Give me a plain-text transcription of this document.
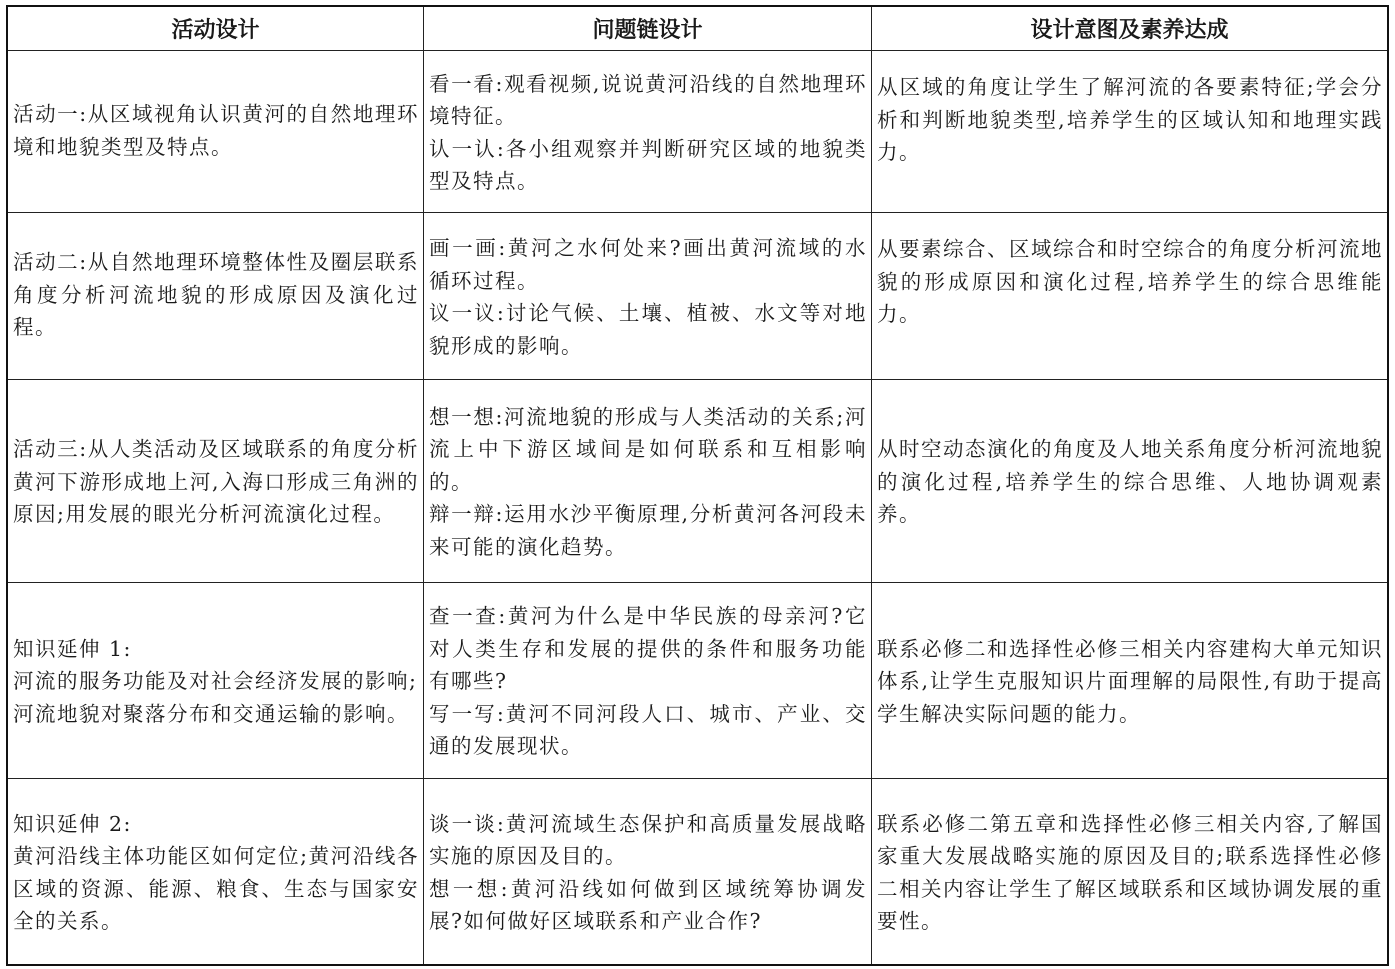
活动设计	问题链设计	设计意图及素养达成
活动一:从区域视角认识黄河的自然地理环境和地貌类型及特点。
看一看:观看视频,说说黄河沿线的自然地理环境特征。
认一认:各小组观察并判断研究区域的地貌类型及特点。
从区域的角度让学生了解河流的各要素特征;学会分析和判断地貌类型,培养学生的区域认知和地理实践力。
活动二:从自然地理环境整体性及圈层联系角度分析河流地貌的形成原因及演化过程。
画一画:黄河之水何处来?画出黄河流域的水循环过程。
议一议:讨论气候、土壤、植被、水文等对地貌形成的影响。
从要素综合、区域综合和时空综合的角度分析河流地貌的形成原因和演化过程,培养学生的综合思维能力。
活动三:从人类活动及区域联系的角度分析黄河下游形成地上河,入海口形成三角洲的原因;用发展的眼光分析河流演化过程。
想一想:河流地貌的形成与人类活动的关系;河流上中下游区域间是如何联系和互相影响的。
辩一辩:运用水沙平衡原理,分析黄河各河段未来可能的演化趋势。
从时空动态演化的角度及人地关系角度分析河流地貌的演化过程,培养学生的综合思维、人地协调观素养。
知识延伸 1:
河流的服务功能及对社会经济发展的影响;
河流地貌对聚落分布和交通运输的影响。
查一查:黄河为什么是中华民族的母亲河?它对人类生存和发展的提供的条件和服务功能有哪些?
写一写:黄河不同河段人口、城市、产业、交通的发展现状。
联系必修二和选择性必修三相关内容建构大单元知识体系,让学生克服知识片面理解的局限性,有助于提高学生解决实际问题的能力。
知识延伸 2:
黄河沿线主体功能区如何定位;黄河沿线各区域的资源、能源、粮食、生态与国家安全的关系。
谈一谈:黄河流域生态保护和高质量发展战略实施的原因及目的。
想一想:黄河沿线如何做到区域统筹协调发展?如何做好区域联系和产业合作?
联系必修二第五章和选择性必修三相关内容,了解国家重大发展战略实施的原因及目的;联系选择性必修二相关内容让学生了解区域联系和区域协调发展的重要性。
